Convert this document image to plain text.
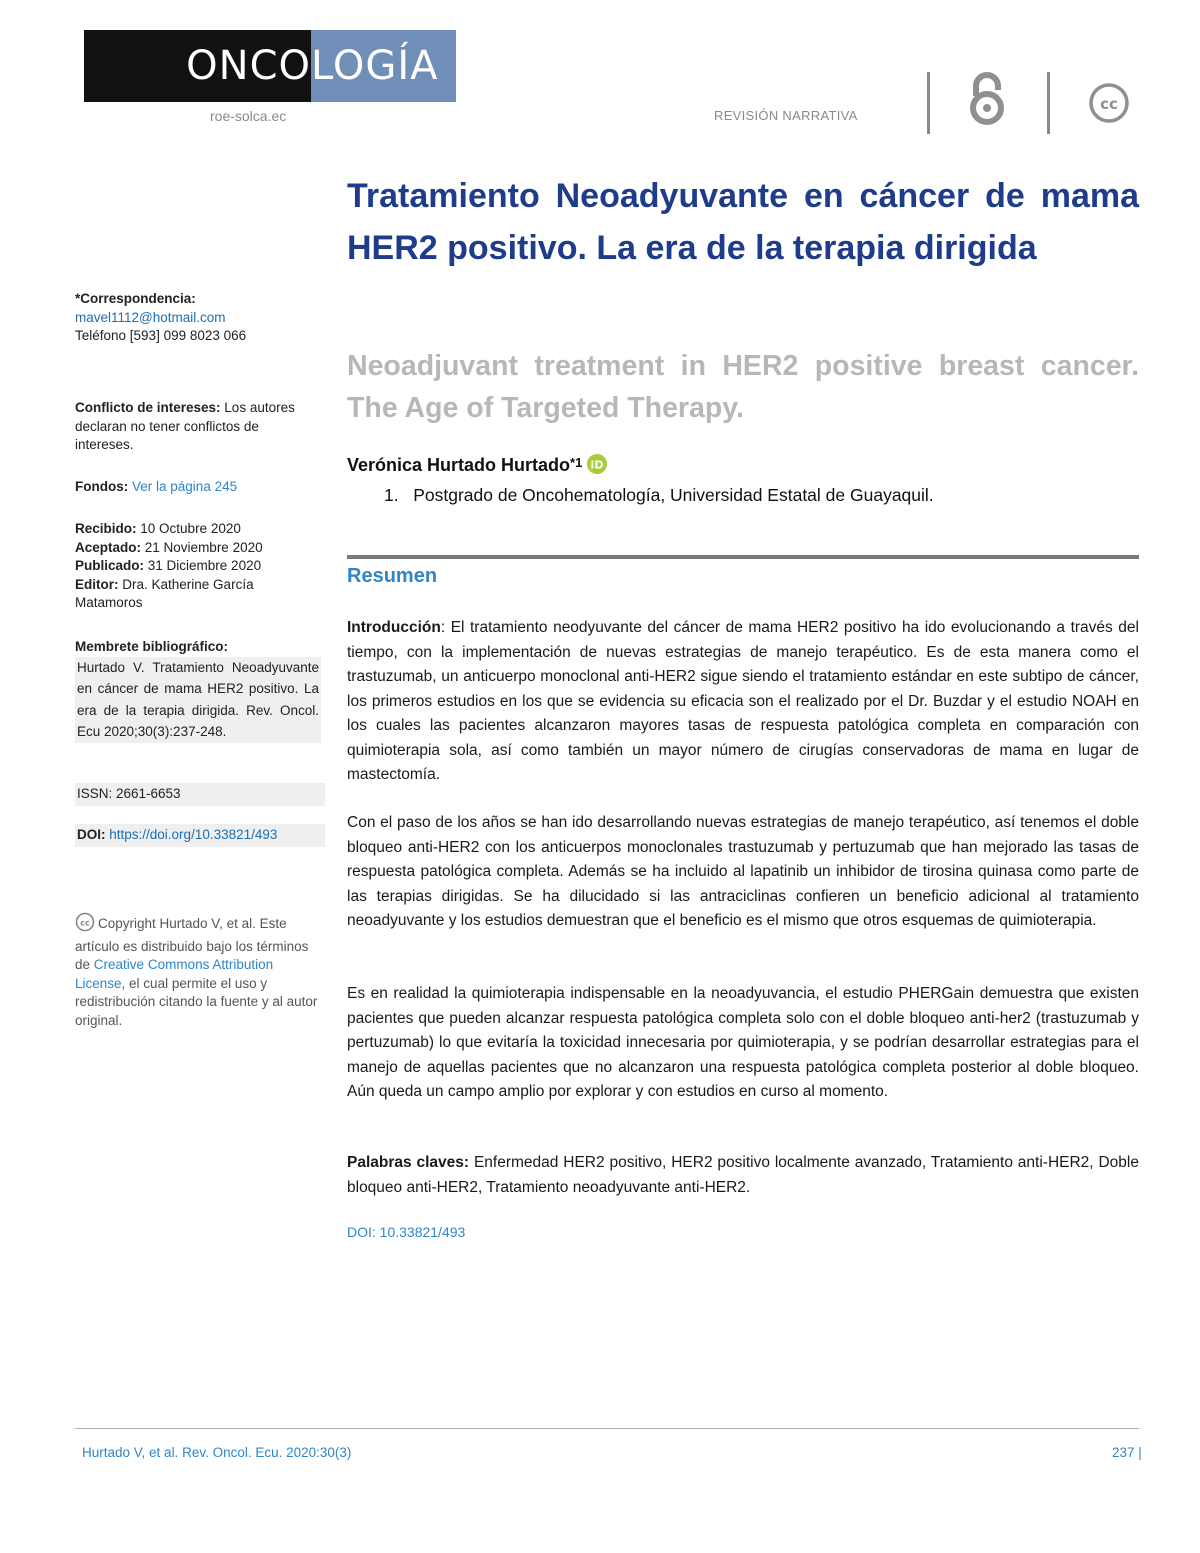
ONCO LOGÍA
roe-solca.ec	REVISIÓN NARRATIVA
cc
*Correspondencia:
mavel1112@hotmail.com
Teléfono [593] 099 8023 066
Conflicto de intereses: Los autores declaran no tener conflictos de intereses.
Fondos: Ver la página 245
Recibido: 10 Octubre 2020
Aceptado: 21 Noviembre 2020
Publicado: 31 Diciembre 2020
Editor: Dra. Katherine García Matamoros
Membrete bibliográfico:
Hurtado V. Tratamiento Neoadyuvante en cáncer de mama HER2 positivo. La era de la terapia dirigida. Rev. Oncol. Ecu 2020;30(3):237-248.
ISSN: 2661-6653
DOI: https://doi.org/10.33821/493
cc Copyright Hurtado V, et al. Este artículo es distribuido bajo los términos de Creative Commons Attribution License, el cual permite el uso y redistribución citando la fuente y al autor original.
Tratamiento Neoadyuvante en cáncer de mama HER2 positivo. La era de la terapia dirigida
Neoadjuvant treatment in HER2 positive breast cancer. The Age of Targeted Therapy.
Verónica Hurtado Hurtado$^{*1}$ iD
1. Postgrado de Oncohematología, Universidad Estatal de Guayaquil.
Resumen
Introducción: El tratamiento neodyuvante del cáncer de mama HER2 positivo ha ido evolucionando a través del tiempo, con la implementación de nuevas estrategias de manejo terapéutico. Es de esta manera como el trastuzumab, un anticuerpo monoclonal anti-HER2 sigue siendo el tratamiento estándar en este subtipo de cáncer, los primeros estudios en los que se evidencia su eficacia son el realizado por el Dr. Buzdar y el estudio NOAH en los cuales las pacientes alcanzaron mayores tasas de respuesta patológica completa en comparación con quimioterapia sola, así como también un mayor número de cirugías conservadoras de mama en lugar de mastectomía.
Con el paso de los años se han ido desarrollando nuevas estrategias de manejo terapéutico, así tenemos el doble bloqueo anti-HER2 con los anticuerpos monoclonales trastuzumab y pertuzumab que han mejorado las tasas de respuesta patológica completa. Además se ha incluido al lapatinib un inhibidor de tirosina quinasa como parte de las terapias dirigidas. Se ha dilucidado si las antraciclinas confieren un beneficio adicional al tratamiento neoadyuvante y los estudios demuestran que el beneficio es el mismo que otros esquemas de quimioterapia.
Es en realidad la quimioterapia indispensable en la neoadyuvancia, el estudio PHERGain demuestra que existen pacientes que pueden alcanzar respuesta patológica completa solo con el doble bloqueo anti-her2 (trastuzumab y pertuzumab) lo que evitaría la toxicidad innecesaria por quimioterapia, y se podrían desarrollar estrategias para el manejo de aquellas pacientes que no alcanzaron una respuesta patológica completa posterior al doble bloqueo. Aún queda un campo amplio por explorar y con estudios en curso al momento.
Palabras claves: Enfermedad HER2 positivo, HER2 positivo localmente avanzado, Tratamiento anti-HER2, Doble bloqueo anti-HER2, Tratamiento neoadyuvante anti-HER2.
DOI: 10.33821/493
Hurtado V, et al. Rev. Oncol. Ecu. 2020:30(3)	237 |
